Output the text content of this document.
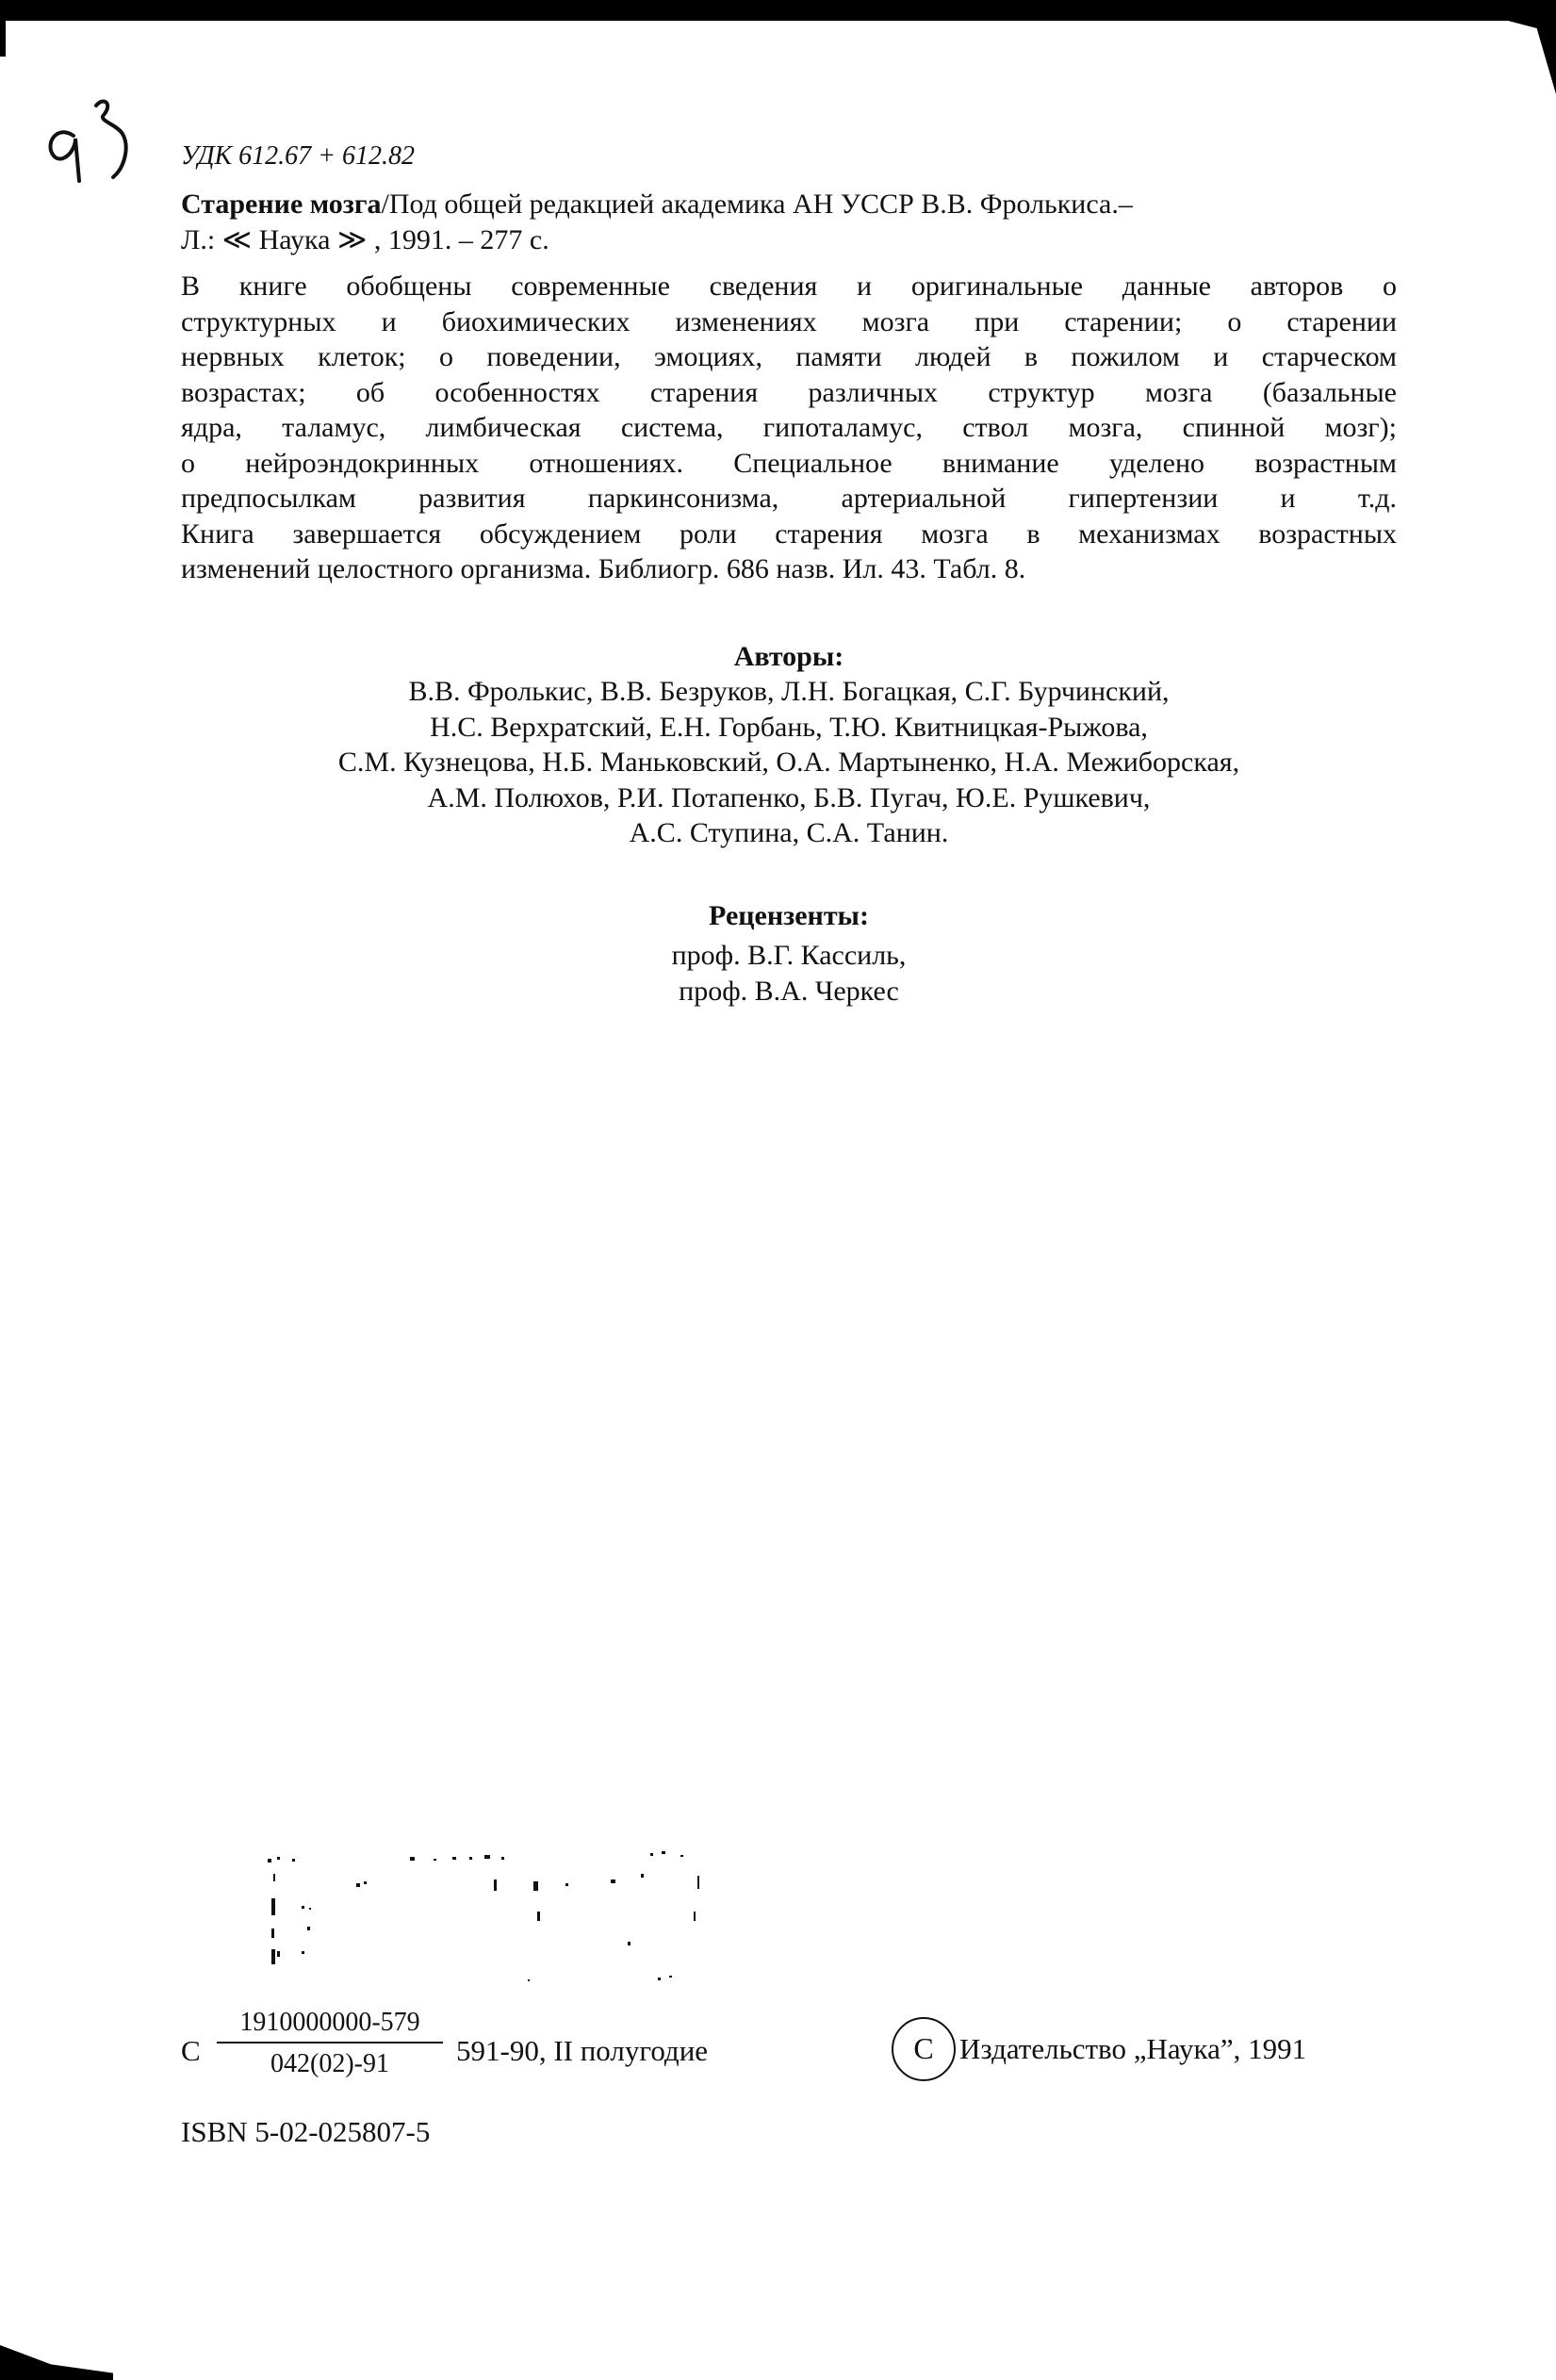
УДК 612.67 + 612.82
Старение мозга/Под общей редакцией академика АН УССР В.В. Фролькиса.–
Л.: ≪ Наука ≫ , 1991. – 277 с.
В книге обобщены современные сведения и оригинальные данные авторов о
структурных и биохимических изменениях мозга при старении; о старении
нервных клеток; о поведении, эмоциях, памяти людей в пожилом и старческом
возрастах; об особенностях старения различных структур мозга (базальные
ядра, таламус, лимбическая система, гипоталамус, ствол мозга, спинной мозг);
о нейроэндокринных отношениях. Специальное внимание уделено возрастным
предпосылкам развития паркинсонизма, артериальной гипертензии и т.д.
Книга завершается обсуждением роли старения мозга в механизмах возрастных
изменений целостного организма. Библиогр. 686 назв. Ил. 43. Табл. 8.
Авторы:
В.В. Фролькис, В.В. Безруков, Л.Н. Богацкая, С.Г. Бурчинский,
Н.С. Верхратский, Е.Н. Горбань, Т.Ю. Квитницкая-Рыжова,
С.М. Кузнецова, Н.Б. Маньковский, О.А. Мартыненко, Н.А. Межиборская,
А.М. Полюхов, Р.И. Потапенко, Б.В. Пугач, Ю.Е. Рушкевич,
А.С. Ступина, С.А. Танин.
Рецензенты:
проф. В.Г. Кассиль,
проф. В.А. Черкес
С $\frac{1910000000-579}{042(02)-91} 591-90$, II полугодие	С Издательство „Наука”, 1991
ISBN 5-02-025807-5
